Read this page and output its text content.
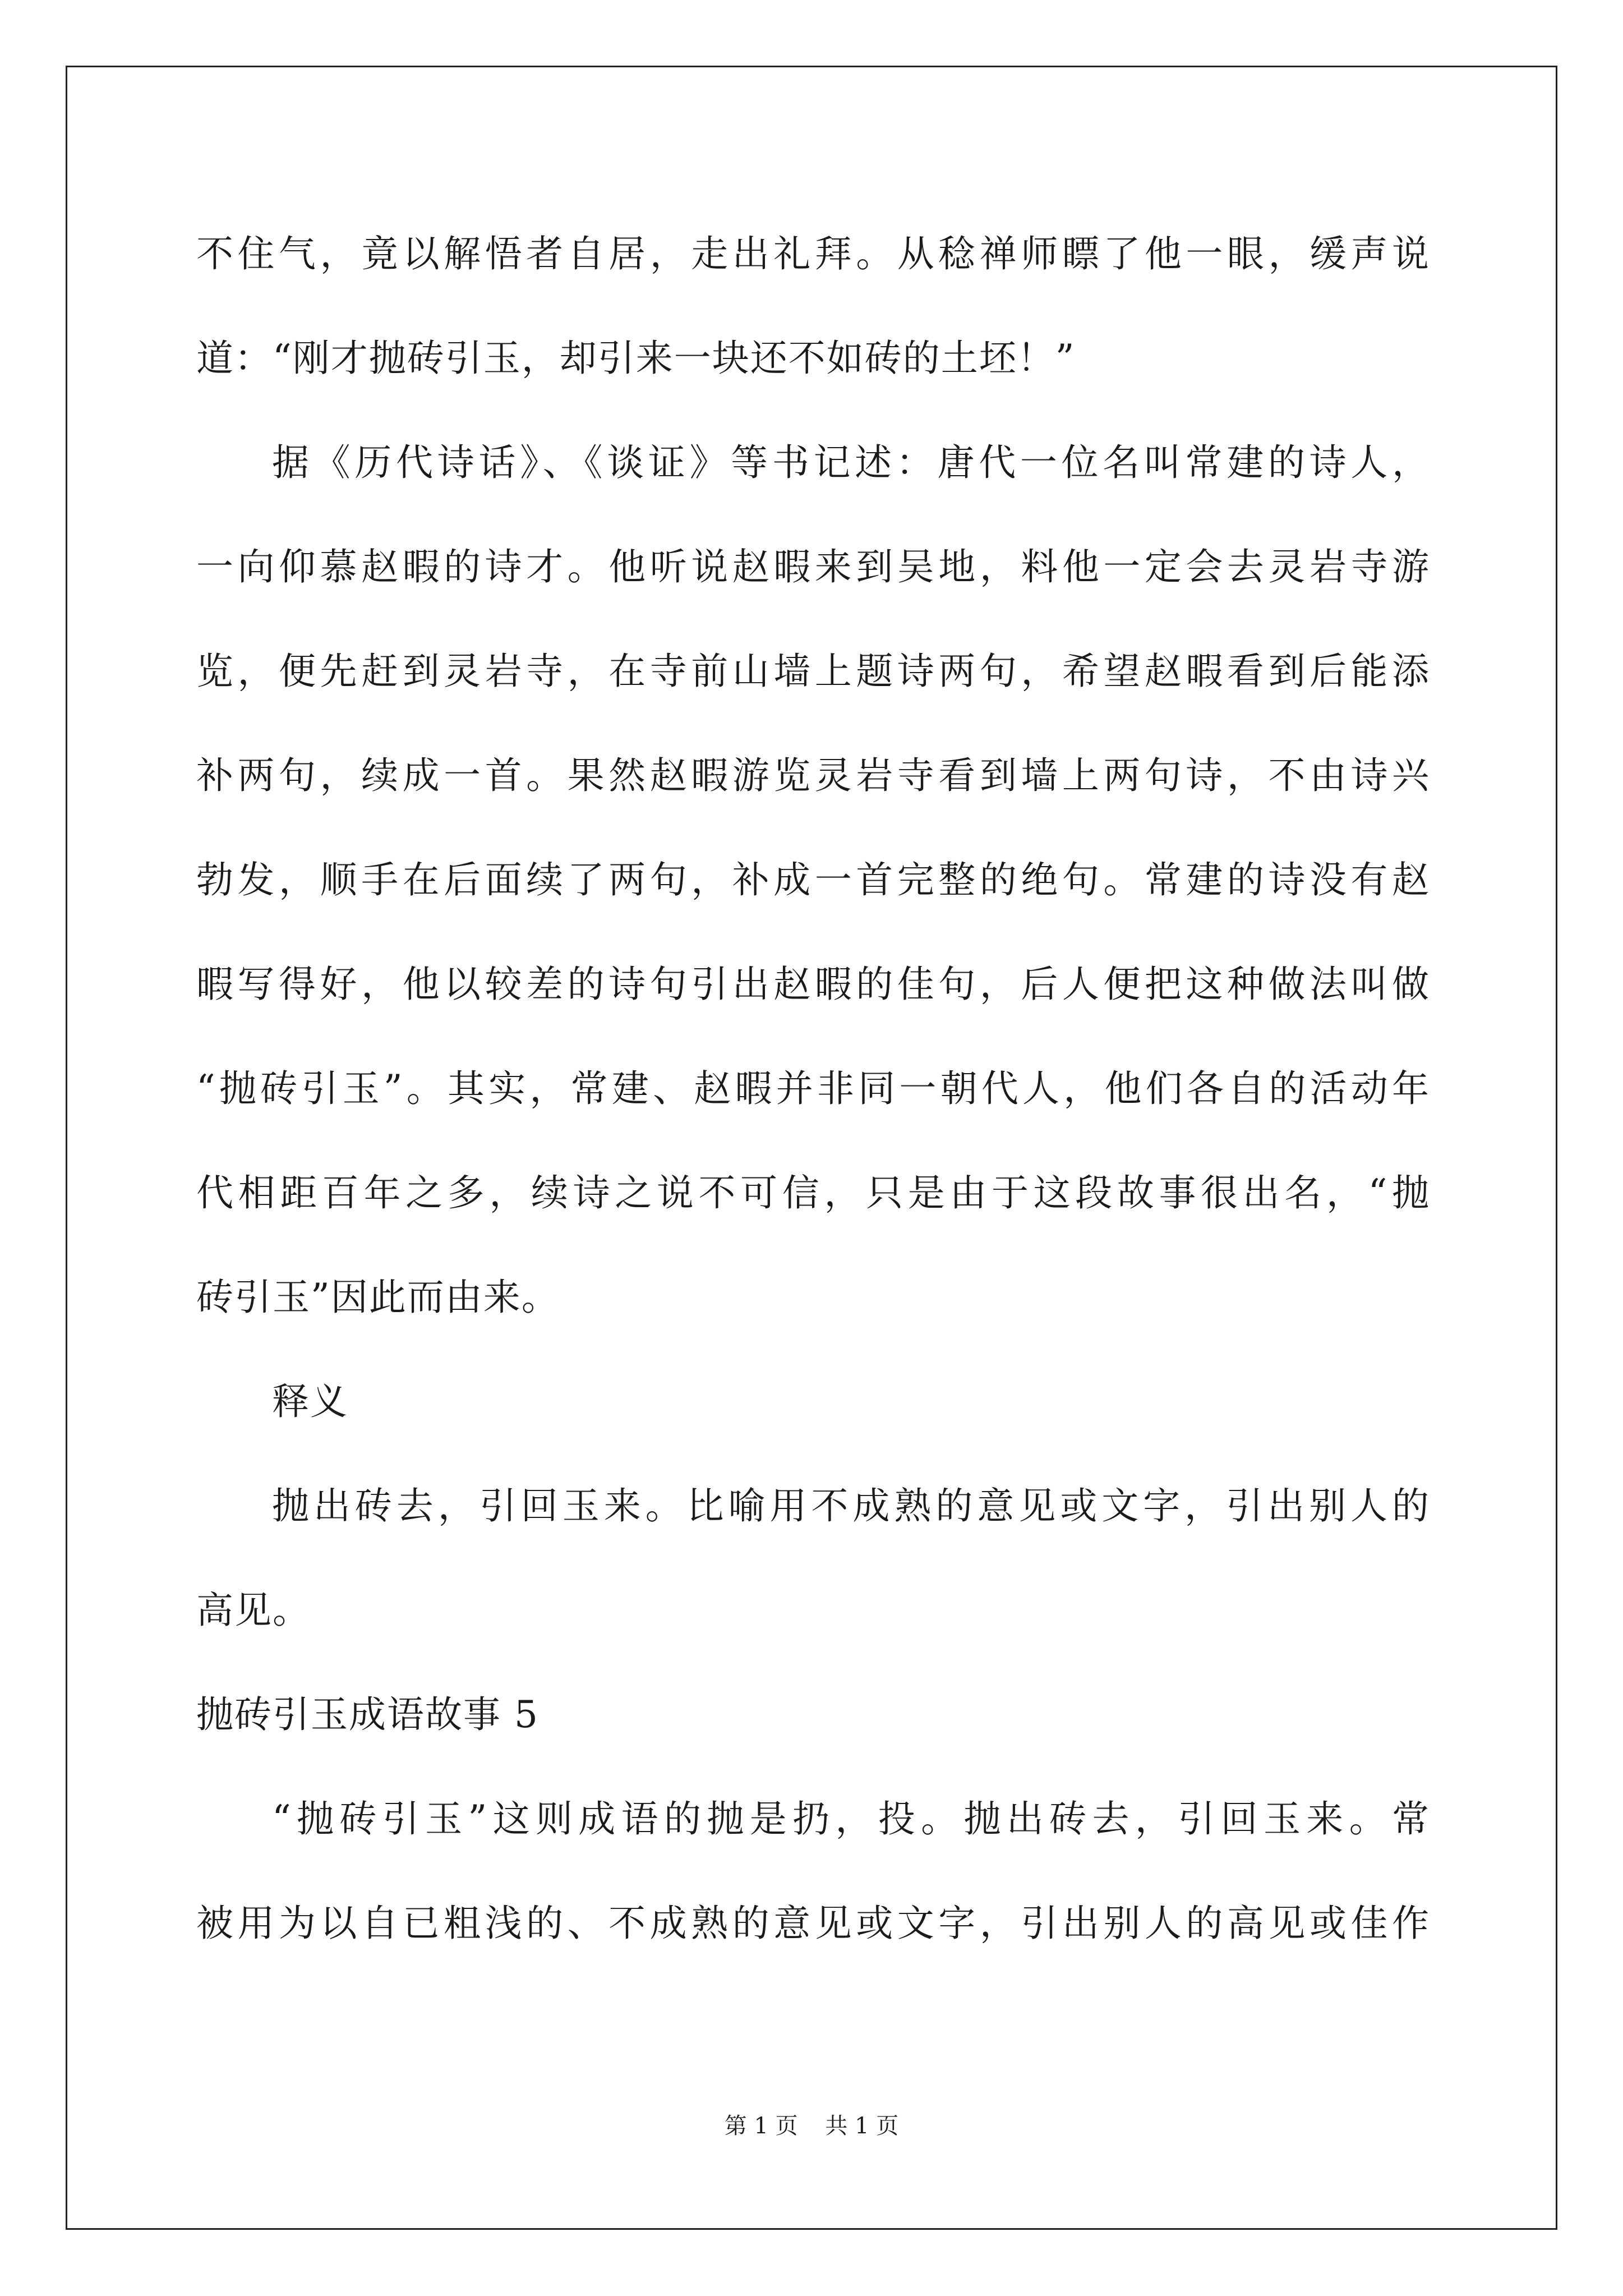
不住气，竟以解悟者自居，走出礼拜。从稔禅师瞟了他一眼，缓声说
道：“刚才抛砖引玉，却引来一块还不如砖的土坯！”
据《历代诗话》、《谈证》等书记述：唐代一位名叫常建的诗人，
一向仰慕赵暇的诗才。他听说赵暇来到吴地，料他一定会去灵岩寺游
览，便先赶到灵岩寺，在寺前山墙上题诗两句，希望赵暇看到后能添
补两句，续成一首。果然赵暇游览灵岩寺看到墙上两句诗，不由诗兴
勃发，顺手在后面续了两句，补成一首完整的绝句。常建的诗没有赵
暇写得好，他以较差的诗句引出赵暇的佳句，后人便把这种做法叫做
“抛砖引玉”。其实，常建、赵暇并非同一朝代人，他们各自的活动年
代相距百年之多，续诗之说不可信，只是由于这段故事很出名，“抛
砖引玉”因此而由来。
释义
抛出砖去，引回玉来。比喻用不成熟的意见或文字，引出别人的
高见。
抛砖引玉成语故事 5
“抛砖引玉”这则成语的抛是扔，投。抛出砖去，引回玉来。常
被用为以自已粗浅的、不成熟的意见或文字，引出别人的高见或佳作
第 1 页 共 1 页
